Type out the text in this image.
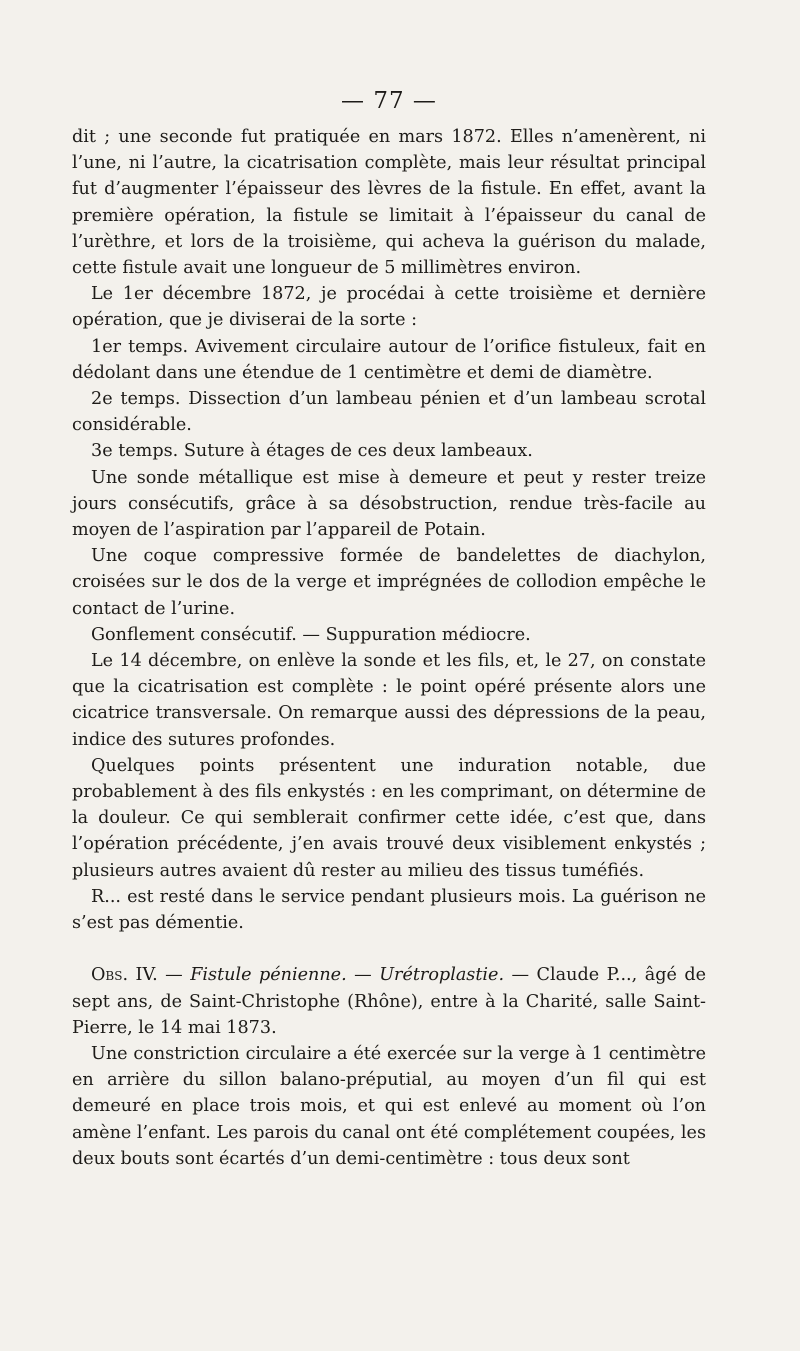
— 77 —

dit ; une seconde fut pratiquée en mars 1872. Elles n’amenèrent, ni l’une, ni l’autre, la cicatrisation complète, mais leur résultat principal fut d’augmenter l’épaisseur des lèvres de la fistule. En effet, avant la première opération, la fistule se limitait à l’épaisseur du canal de l’urèthre, et lors de la troisième, qui acheva la guérison du malade, cette fistule avait une longueur de 5 millimètres environ.

Le 1er décembre 1872, je procédai à cette troisième et dernière opération, que je diviserai de la sorte :

1er temps. Avivement circulaire autour de l’orifice fistuleux, fait en dédolant dans une étendue de 1 centimètre et demi de diamètre.

2e temps. Dissection d’un lambeau pénien et d’un lambeau scrotal considérable.

3e temps. Suture à étages de ces deux lambeaux.

Une sonde métallique est mise à demeure et peut y rester treize jours consécutifs, grâce à sa désobstruction, rendue très-facile au moyen de l’aspiration par l’appareil de Potain.

Une coque compressive formée de bandelettes de diachylon, croisées sur le dos de la verge et imprégnées de collodion empêche le contact de l’urine.

Gonflement consécutif. — Suppuration médiocre.

Le 14 décembre, on enlève la sonde et les fils, et, le 27, on constate que la cicatrisation est complète : le point opéré présente alors une cicatrice transversale. On remarque aussi des dépressions de la peau, indice des sutures profondes.

Quelques points présentent une induration notable, due probablement à des fils enkystés : en les comprimant, on détermine de la douleur. Ce qui semblerait confirmer cette idée, c’est que, dans l’opération précédente, j’en avais trouvé deux visiblement enkystés ; plusieurs autres avaient dû rester au milieu des tissus tuméfiés.

R... est resté dans le service pendant plusieurs mois. La guérison ne s’est pas démentie.

Obs. IV. — Fistule pénienne. — Urétroplastie. — Claude P..., âgé de sept ans, de Saint-Christophe (Rhône), entre à la Charité, salle Saint-Pierre, le 14 mai 1873.

Une constriction circulaire a été exercée sur la verge à 1 centimètre en arrière du sillon balano-préputial, au moyen d’un fil qui est demeuré en place trois mois, et qui est enlevé au moment où l’on amène l’enfant. Les parois du canal ont été complétement coupées, les deux bouts sont écartés d’un demi-centimètre : tous deux sont
